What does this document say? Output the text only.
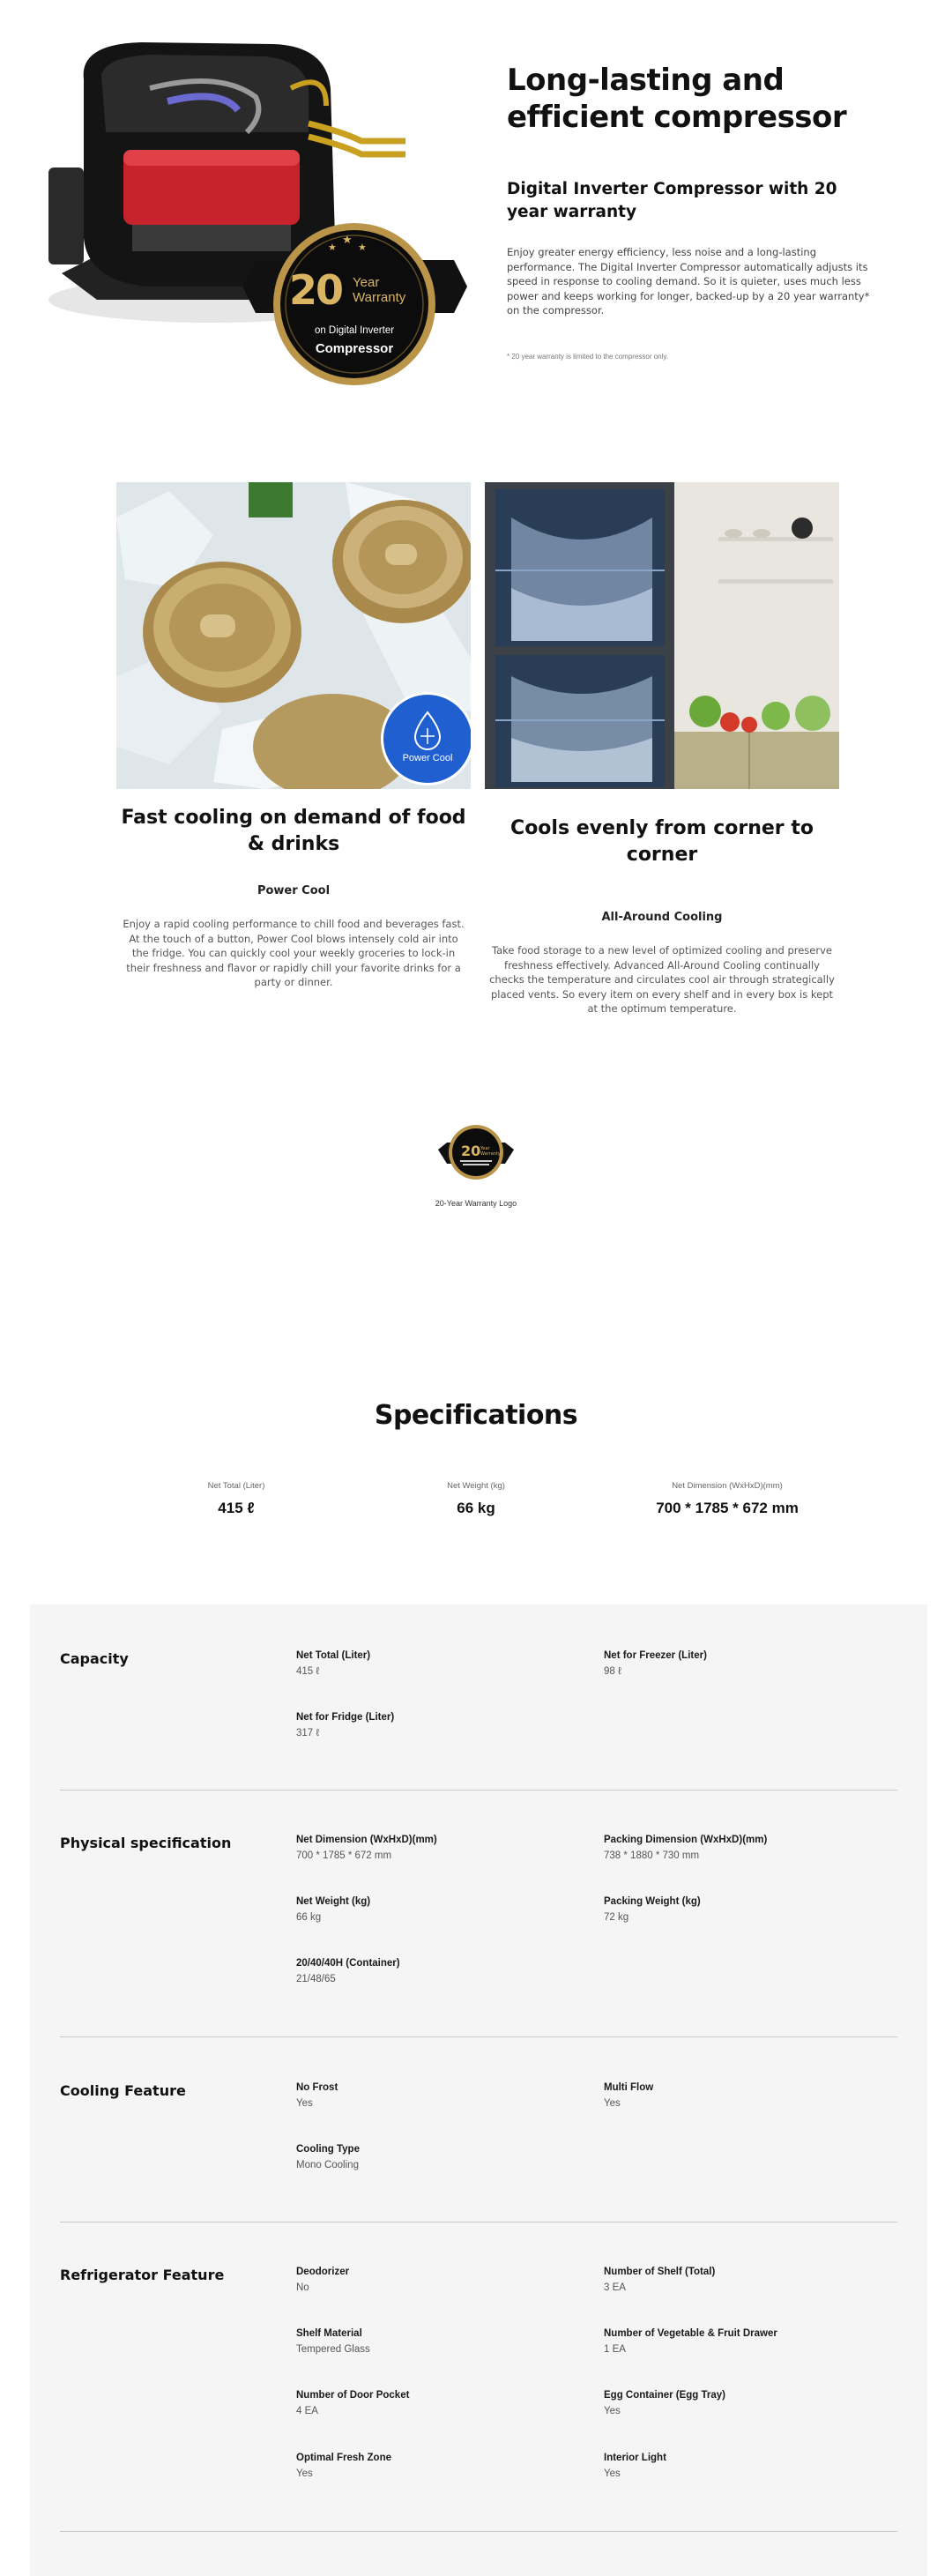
★
★ ★
20 Year
Warranty
on Digital Inverter
Compressor
Long-lasting and efficient compressor
Digital Inverter Compressor with 20 year warranty

Enjoy greater energy efficiency, less noise and a long-lasting performance. The Digital Inverter Compressor automatically adjusts its speed in response to cooling demand. So it is quieter, uses much less power and keeps working for longer, backed-up by a 20 year warranty* on the compressor.

* 20 year warranty is limited to the compressor only.
Power Cool
Fast cooling on demand of food & drinks
Power Cool

Enjoy a rapid cooling performance to chill food and beverages fast. At the touch of a button, Power Cool blows intensely cold air into the fridge. You can quickly cool your weekly groceries to lock-in their freshness and flavor or rapidly chill your favorite drinks for a party or dinner.

Cools evenly from corner to corner
All-Around Cooling

Take food storage to a new level of optimized cooling and preserve freshness effectively. Advanced All-Around Cooling continually checks the temperature and circulates cool air through strategically placed vents. So every item on every shelf and in every box is kept at the optimum temperature.

20 Year
Warranty
20-Year Warranty Logo
Specifications
Net Total (Liter)
415 ℓ
Net Weight (kg)
66 kg
Net Dimension (WxHxD)(mm)
700 * 1785 * 672 mm
Capacity	Net Total (Liter)
415 ℓ
Net for Freezer (Liter)
98 ℓ
Net for Fridge (Liter)
317 ℓ
Physical specification	Net Dimension (WxHxD)(mm)
700 * 1785 * 672 mm
Packing Dimension (WxHxD)(mm)
738 * 1880 * 730 mm
Net Weight (kg)
66 kg
Packing Weight (kg)
72 kg
20/40/40H (Container)
21/48/65
Cooling Feature	No Frost
Yes
Multi Flow
Yes
Cooling Type
Mono Cooling
Refrigerator Feature	Deodorizer
No
Number of Shelf (Total)
3 EA
Shelf Material
Tempered Glass
Number of Vegetable & Fruit Drawer
1 EA
Number of Door Pocket
4 EA
Egg Container (Egg Tray)
Yes
Optimal Fresh Zone
Yes
Interior Light
Yes
